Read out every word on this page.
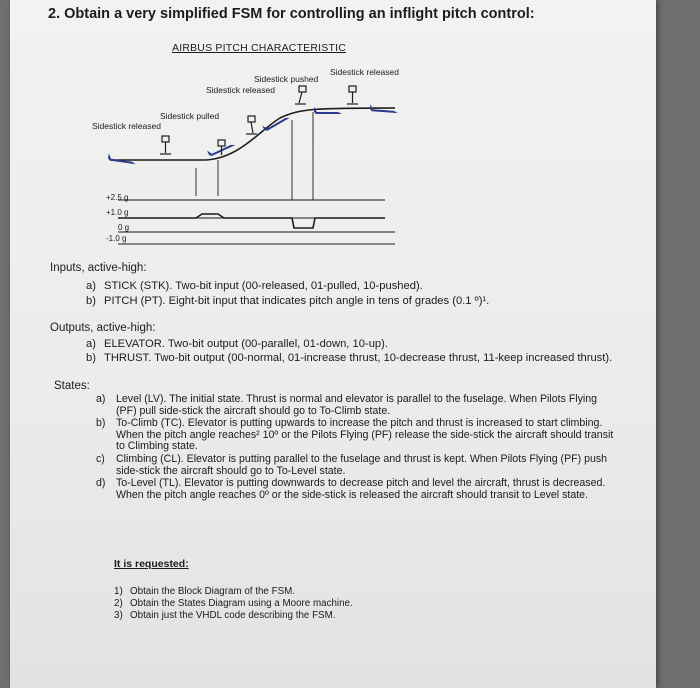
2. Obtain a very simplified FSM for controlling an inflight pitch control:
AIRBUS PITCH CHARACTERISTIC
Sidestick released
Sidestick pulled
Sidestick released
Sidestick pushed
Sidestick released
+2.5 g
+1.0 g
0 g
-1.0 g
Inputs, active-high:
a) STICK (STK). Two-bit input (00-released, 01-pulled, 10-pushed).
b) PITCH (PT). Eight-bit input that indicates pitch angle in tens of grades (0.1 º)¹.
Outputs, active-high:
a) ELEVATOR. Two-bit output (00-parallel, 01-down, 10-up).
b) THRUST. Two-bit output (00-normal, 01-increase thrust, 10-decrease thrust, 11-keep increased thrust).
States:
a) Level (LV). The initial state. Thrust is normal and elevator is parallel to the fuselage. When Pilots Flying (PF) pull side-stick the aircraft should go to To-Climb state.
b) To-Climb (TC). Elevator is putting upwards to increase the pitch and thrust is increased to start climbing. When the pitch angle reaches² 10º or the Pilots Flying (PF) release the side-stick the aircraft should transit to Climbing state.
c)	Climbing (CL). Elevator is putting parallel to the fuselage and thrust is kept. When Pilots Flying (PF) push side-stick the aircraft should go to To-Level state.
d) To-Level (TL). Elevator is putting downwards to decrease pitch and level the aircraft, thrust is decreased. When the pitch angle reaches 0º or the side-stick is released the aircraft should transit to Level state.
It is requested:
1) Obtain the Block Diagram of the FSM.
2) Obtain the States Diagram using a Moore machine.
3) Obtain just the VHDL code describing the FSM.
